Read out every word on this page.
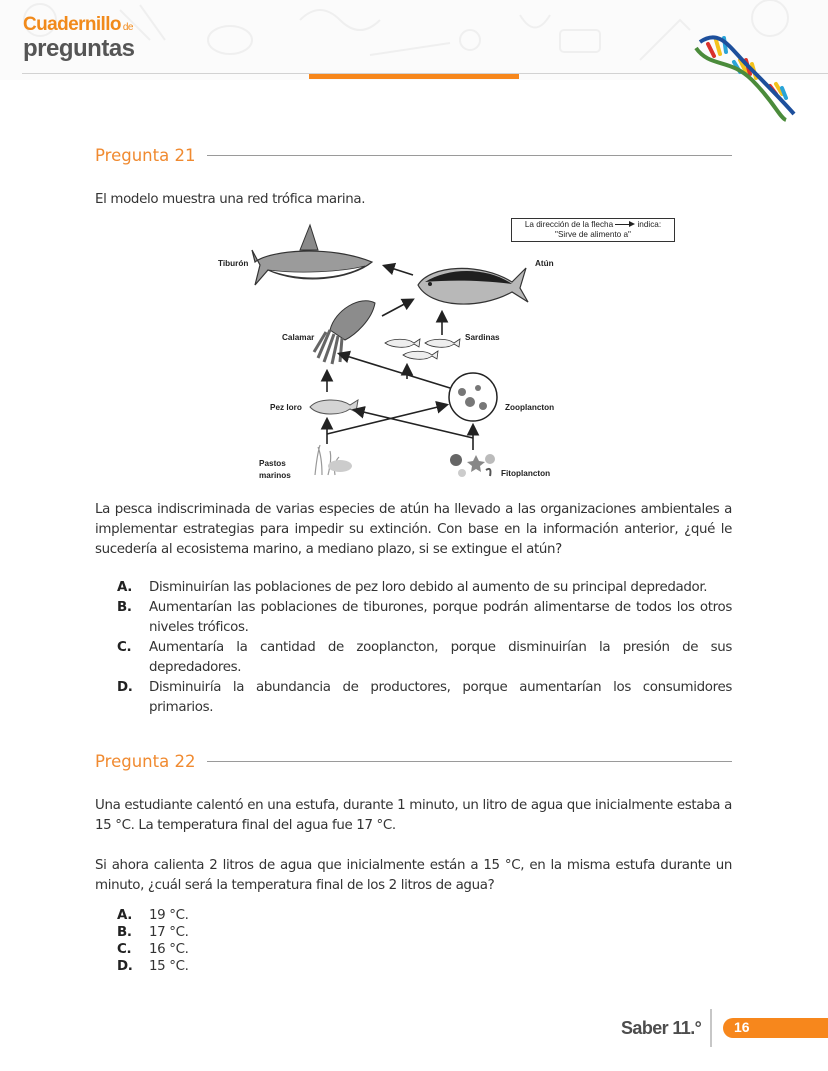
Cuadernillo de
preguntas
Pregunta 21
El modelo muestra una red trófica marina.
La dirección de la flecha	indica:
"Sirve de alimento a"
Tiburón	Atún
Calamar	Sardinas
Pez loro	Zooplancton
Pastos
marinos	Fitoplancton
La pesca indiscriminada de varias especies de atún ha llevado a las organizaciones ambientales a implementar estrategias para impedir su extinción. Con base en la información anterior, ¿qué le sucedería al ecosistema marino, a mediano plazo, si se extingue el atún?
A.	Disminuirían las poblaciones de pez loro debido al aumento de su principal depredador.
B.	Aumentarían las poblaciones de tiburones, porque podrán alimentarse de todos los otros niveles tróficos.
C.	Aumentaría la cantidad de zooplancton, porque disminuirían la presión de sus depredadores.
D.	Disminuiría la abundancia de productores, porque aumentarían los consumidores primarios.
Pregunta 22
Una estudiante calentó en una estufa, durante 1 minuto, un litro de agua que inicialmente estaba a 15 °C. La temperatura final del agua fue 17 °C.
Si ahora calienta 2 litros de agua que inicialmente están a 15 °C, en la misma estufa durante un minuto, ¿cuál será la temperatura final de los 2 litros de agua?
A.	19 °C.
B.	17 °C.
C.	16 °C.
D.	15 °C.
Saber 11.° 16
